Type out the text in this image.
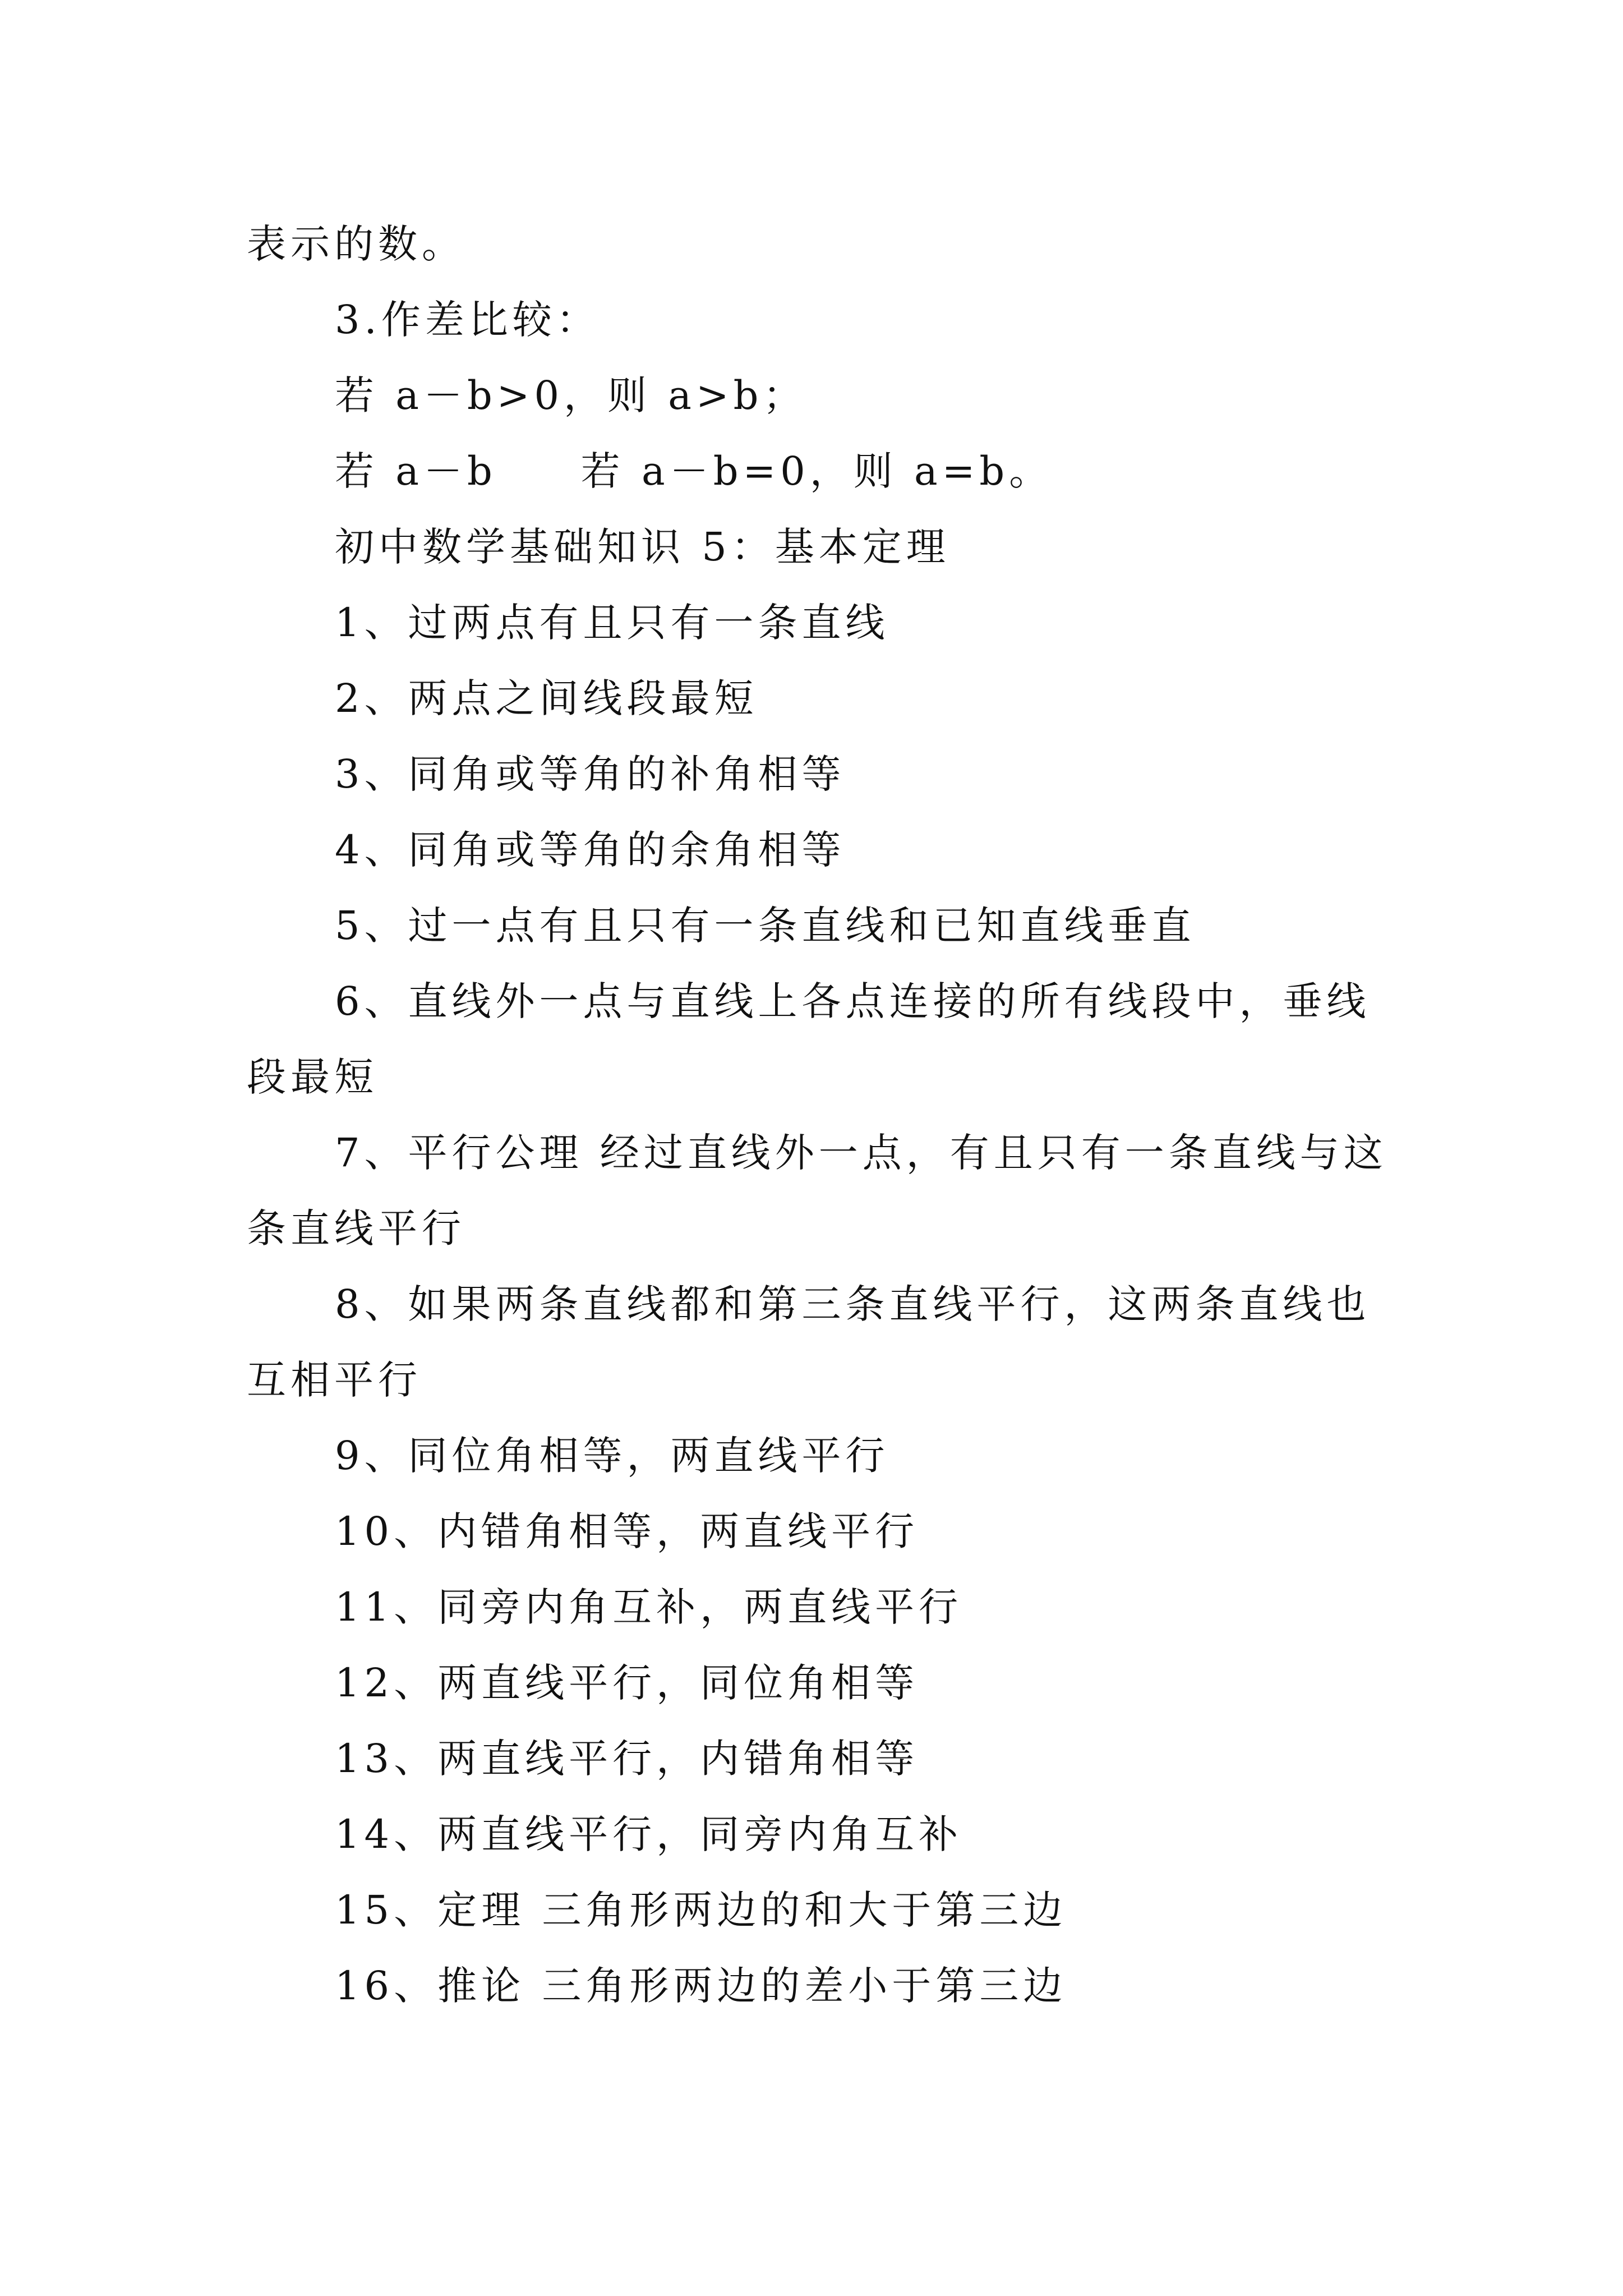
表示的数。
3.作差比较：
若 a－b>0，则 a>b；
若 a－b 若 a－b=0，则 a=b。
初中数学基础知识 5：基本定理
1、过两点有且只有一条直线
2、两点之间线段最短
3、同角或等角的补角相等
4、同角或等角的余角相等
5、过一点有且只有一条直线和已知直线垂直
6、直线外一点与直线上各点连接的所有线段中，垂线
段最短
7、平行公理 经过直线外一点，有且只有一条直线与这
条直线平行
8、如果两条直线都和第三条直线平行，这两条直线也
互相平行
9、同位角相等，两直线平行
10、内错角相等，两直线平行
11、同旁内角互补，两直线平行
12、两直线平行，同位角相等
13、两直线平行，内错角相等
14、两直线平行，同旁内角互补
15、定理 三角形两边的和大于第三边
16、推论 三角形两边的差小于第三边
